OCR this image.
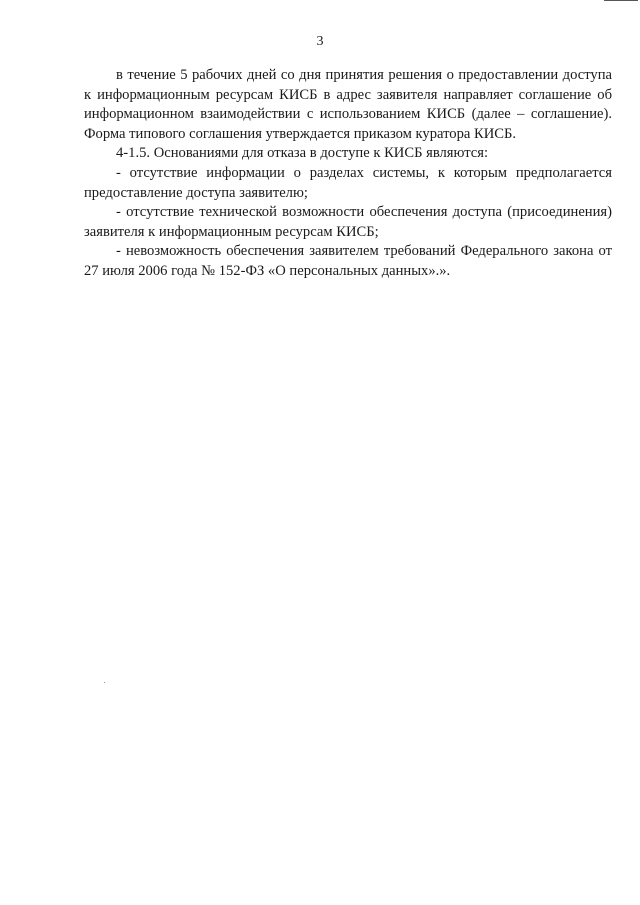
3

в течение 5 рабочих дней со дня принятия решения о предоставлении доступа к информационным ресурсам КИСБ в адрес заявителя направляет соглашение об информационном взаимодействии с использованием КИСБ (далее – соглашение). Форма типового соглашения утверждается приказом куратора КИСБ.

4-1.5. Основаниями для отказа в доступе к КИСБ являются:

- отсутствие информации о разделах системы, к которым предполагается предоставление доступа заявителю;

- отсутствие технической возможности обеспечения доступа (присоединения) заявителя к информационным ресурсам КИСБ;

- невозможность обеспечения заявителем требований Федерального закона от 27 июля 2006 года № 152-ФЗ «О персональных данных».».
